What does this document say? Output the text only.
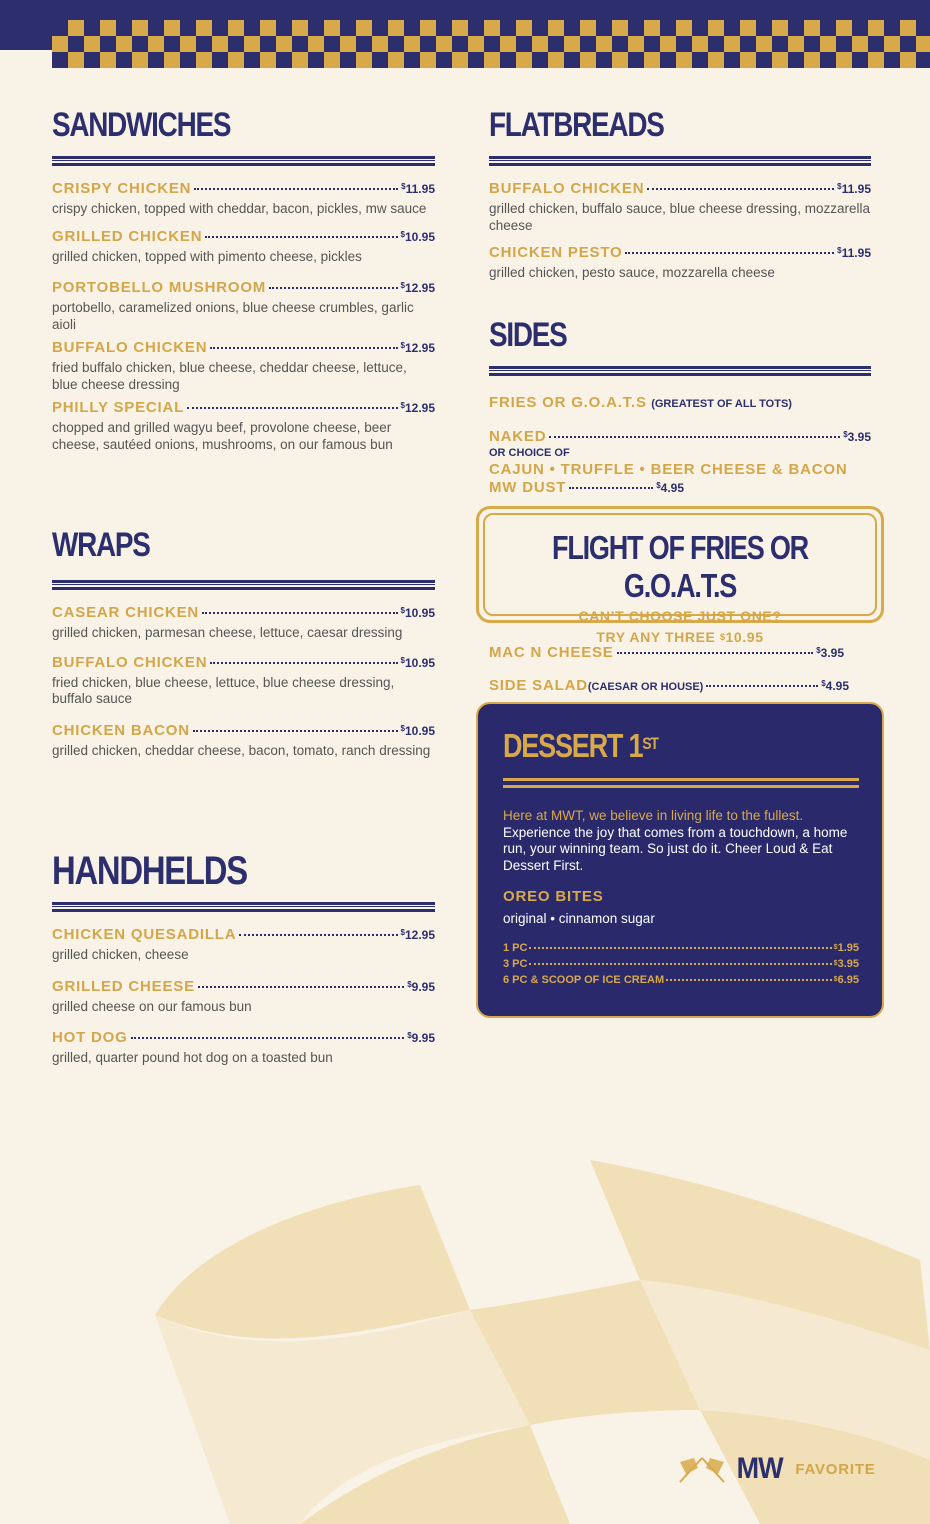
SANDWICHES
CRISPY CHICKEN	$11.95
crispy chicken, topped with cheddar, bacon, pickles, mw sauce
GRILLED CHICKEN	$10.95
grilled chicken, topped with pimento cheese, pickles
PORTOBELLO MUSHROOM	$12.95
portobello, caramelized onions, blue cheese crumbles, garlic aioli
BUFFALO CHICKEN	$12.95
fried buffalo chicken, blue cheese, cheddar cheese, lettuce, blue cheese dressing
PHILLY SPECIAL	$12.95
chopped and grilled wagyu beef, provolone cheese, beer cheese, sautéed onions, mushrooms, on our famous bun
WRAPS
CASEAR CHICKEN	$10.95
grilled chicken, parmesan cheese, lettuce, caesar dressing
BUFFALO CHICKEN	$10.95
fried chicken, blue cheese, lettuce, blue cheese dressing, buffalo sauce
CHICKEN BACON	$10.95
grilled chicken, cheddar cheese, bacon, tomato, ranch dressing
HANDHELDS
CHICKEN QUESADILLA	$12.95
grilled chicken, cheese
GRILLED CHEESE	$9.95
grilled cheese on our famous bun
HOT DOG	$9.95
grilled, quarter pound hot dog on a toasted bun
FLATBREADS
BUFFALO CHICKEN	$11.95
grilled chicken, buffalo sauce, blue cheese dressing, mozzarella cheese
CHICKEN PESTO	$11.95
grilled chicken, pesto sauce, mozzarella cheese
SIDES
FRIES OR G.O.A.T.S (GREATEST OF ALL TOTS)
NAKED	$3.95
OR CHOICE OF
CAJUN • TRUFFLE • BEER CHEESE & BACON
MW DUST	$4.95
MAC N CHEESE	$3.95
SIDE SALAD (CAESAR OR HOUSE)	$4.95
FLIGHT OF FRIES OR G.O.A.T.S
CAN’T CHOOSE JUST ONE?
TRY ANY THREE $10.95
DESSERT 1ST
Here at MWT, we believe in living life to the fullest. Experience the joy that comes from a touchdown, a home run, your winning team. So just do it. Cheer Loud & Eat Dessert First.
OREO BITES
original • cinnamon sugar
1 PC	$1.95
3 PC	$3.95
6 PC & SCOOP OF ICE CREAM	$6.95
MW FAVORITE
